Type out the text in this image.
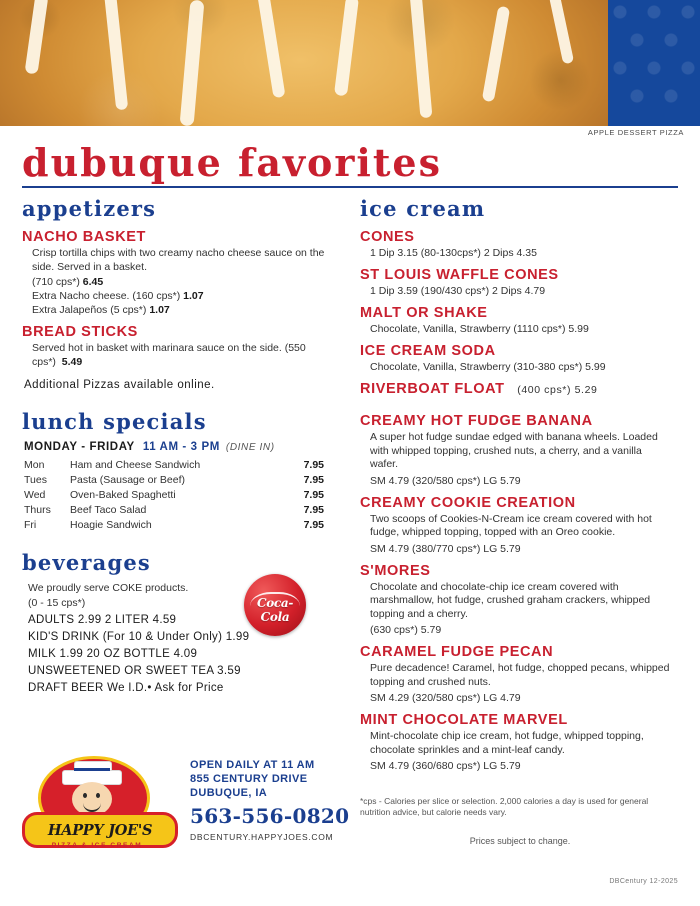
APPLE DESSERT PIZZA
dubuque favorites
appetizers
NACHO BASKET

Crisp tortilla chips with two creamy nacho cheese sauce on the side. Served in a basket.

(710 cps*) 6.45
Extra Nacho cheese. (160 cps*) 1.07
Extra Jalapeños (5 cps*) 1.07
BREAD STICKS

Served hot in basket with marinara sauce on the side. (550 cps*) 5.49

Additional Pizzas available online.
lunch specials
MONDAY - FRIDAY 11 AM - 3 PM (DINE IN)
Mon	Ham and Cheese Sandwich	7.95
Tues	Pasta (Sausage or Beef)	7.95
Wed	Oven-Baked Spaghetti	7.95
Thurs	Beef Taco Salad	7.95
Fri	Hoagie Sandwich	7.95
beverages
We proudly serve COKE products.
(0 - 15 cps*)
ADULTS 2.99 2 LITER 4.59
KID'S DRINK (For 10 & Under Only) 1.99
MILK 1.99 20 OZ BOTTLE 4.09
UNSWEETENED OR SWEET TEA 3.59
DRAFT BEER We I.D.• Ask for Price
Coca-Cola
ice cream
CONES
1 Dip 3.15 (80-130cps*) 2 Dips 4.35
ST LOUIS WAFFLE CONES
1 Dip 3.59 (190/430 cps*) 2 Dips 4.79
MALT OR SHAKE
Chocolate, Vanilla, Strawberry (1110 cps*) 5.99
ICE CREAM SODA
Chocolate, Vanilla, Strawberry (310-380 cps*) 5.99
RIVERBOAT FLOAT (400 cps*) 5.29
CREAMY HOT FUDGE BANANA

A super hot fudge sundae edged with banana wheels. Loaded with whipped topping, crushed nuts, a cherry, and a vanilla wafer.

SM 4.79 (320/580 cps*) LG 5.79
CREAMY COOKIE CREATION

Two scoops of Cookies-N-Cream ice cream covered with hot fudge, whipped topping, topped with an Oreo cookie.

SM 4.79 (380/770 cps*) LG 5.79
S'MORES

Chocolate and chocolate-chip ice cream covered with marshmallow, hot fudge, crushed graham crackers, whipped topping and a cherry.

(630 cps*) 5.79
CARAMEL FUDGE PECAN

Pure decadence! Caramel, hot fudge, chopped pecans, whipped topping and crushed nuts.

SM 4.29 (320/580 cps*) LG 4.79
MINT CHOCOLATE MARVEL

Mint-chocolate chip ice cream, hot fudge, whipped topping, chocolate sprinkles and a mint-leaf candy.

SM 4.79 (360/680 cps*) LG 5.79
*cps - Calories per slice or selection. 2,000 calories a day is used for general nutrition advice, but calorie needs vary.
Prices subject to change.
DBCentury 12-2025
HAPPY JOE'S
PIZZA & ICE CREAM
OPEN DAILY AT 11 AM
855 CENTURY DRIVE
DUBUQUE, IA
563-556-0820
DBCENTURY.HAPPYJOES.COM
